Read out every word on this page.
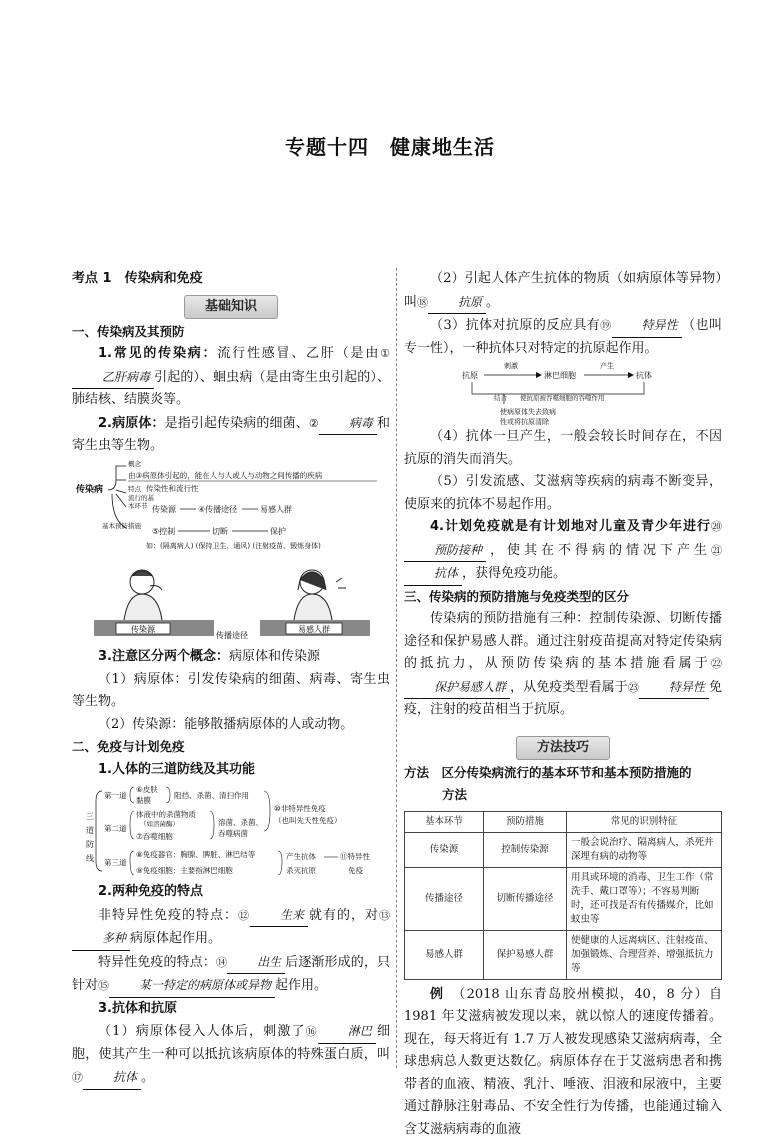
专题十四　健康地生活
考点 1　传染病和免疫
基础知识
一、传染病及其预防

1.常见的传染病：流行性感冒、乙肝（是由①乙肝病毒 引起的）、蛔虫病（是由寄生虫引起的）、肺结核、结膜炎等。

2.病原体：是指引起传染病的细菌、②	病毒 和寄生虫等生物。

传染病
概念
由③病原体引起的，能在人与人或人与动物之间传播的疾病
特点 传染性和流行性
流行的基
本环节 传染源	④传播途径	易感人群
基本预防措施
⑤控制	切断	保护
如：(隔离病人) (保持卫生、通风) (注射疫苗、锻炼身体)
传染源
传播途径
易感人群

3.注意区分两个概念：病原体和传染源

（1）病原体：引发传染病的细菌、病毒、寄生虫等生物。

（2）传染源：能够散播病原体的人或动物。

二、免疫与计划免疫

1.人体的三道防线及其功能

三
道
防
线
第一道
⑥皮肤
黏膜
阻挡、杀菌、清扫作用
第二道
体液中的杀菌物质
（如溶菌酶）
⑦吞噬细胞
溶菌、杀菌、
吞噬病菌
⑩非特异性免疫
（也叫先天性免疫）
第三道
⑧免疫器官：胸腺、脾脏、淋巴结等
⑨免疫细胞：主要指淋巴细胞
产生抗体
杀灭抗原
⑪特异性
免疫

2.两种免疫的特点

非特异性免疫的特点：⑫	生来 就有的，对⑬多种 病原体起作用。

特异性免疫的特点：⑭	出生 后逐渐形成的，只针对⑮	某一特定的病原体或异物 起作用。

3.抗体和抗原

（1）病原体侵入人体后，刺激了⑯	淋巴 细胞，使其产生一种可以抵抗该病原体的特殊蛋白质，叫⑰	抗体 。

（2）引起人体产生抗体的物质（如病原体等异物）叫⑱	抗原 。

（3）抗体对抗原的反应具有⑲	特异性 （也叫专一性），一种抗体只对特定的抗原起作用。

抗原
刺激
淋巴细胞
产生
抗体
结合 使抗原被吞噬细胞的吞噬作用
使病原体失去致病
性或将抗原清除

（4）抗体一旦产生，一般会较长时间存在，不因抗原的消失而消失。

（5）引发流感、艾滋病等疾病的病毒不断变异，使原来的抗体不易起作用。

4.计划免疫就是有计划地对儿童及青少年进行⑳预防接种 ，使其在不得病的情况下产生㉑抗体 ，获得免疫功能。

三、传染病的预防措施与免疫类型的区分

传染病的预防措施有三种：控制传染源、切断传播途径和保护易感人群。通过注射疫苗提高对特定传染病的抵抗力，从预防传染病的基本措施看属于㉒保护易感人群 ，从免疫类型看属于㉓	特异性 免疫，注射的疫苗相当于抗原。

方法技巧
方法　 区分传染病流行的基本环节和基本预防措施的
方法
基本环节	预防措施	常见的识别特征
传染源	控制传染源	一般会说治疗、隔离病人，杀死并深埋有病的动物等
传播途径	切断传播途径	用具或环境的消毒、卫生工作（常洗手、戴口罩等）；不容易判断时，还可找是否有传播媒介，比如蚊虫等
易感人群	保护易感人群	使健康的人远离病区、注射疫苗、加强锻炼、合理营养、增强抵抗力等

例　 （2018 山东青岛胶州模拟，40，8 分）自 1981 年艾滋病被发现以来，就以惊人的速度传播着。现在，每天将近有 1.7 万人被发现感染艾滋病病毒，全球患病总人数更达数亿。病原体存在于艾滋病患者和携带者的血液、精液、乳汁、唾液、泪液和尿液中，主要通过静脉注射毒品、不安全性行为传播，也能通过输入含艾滋病病毒的血液
